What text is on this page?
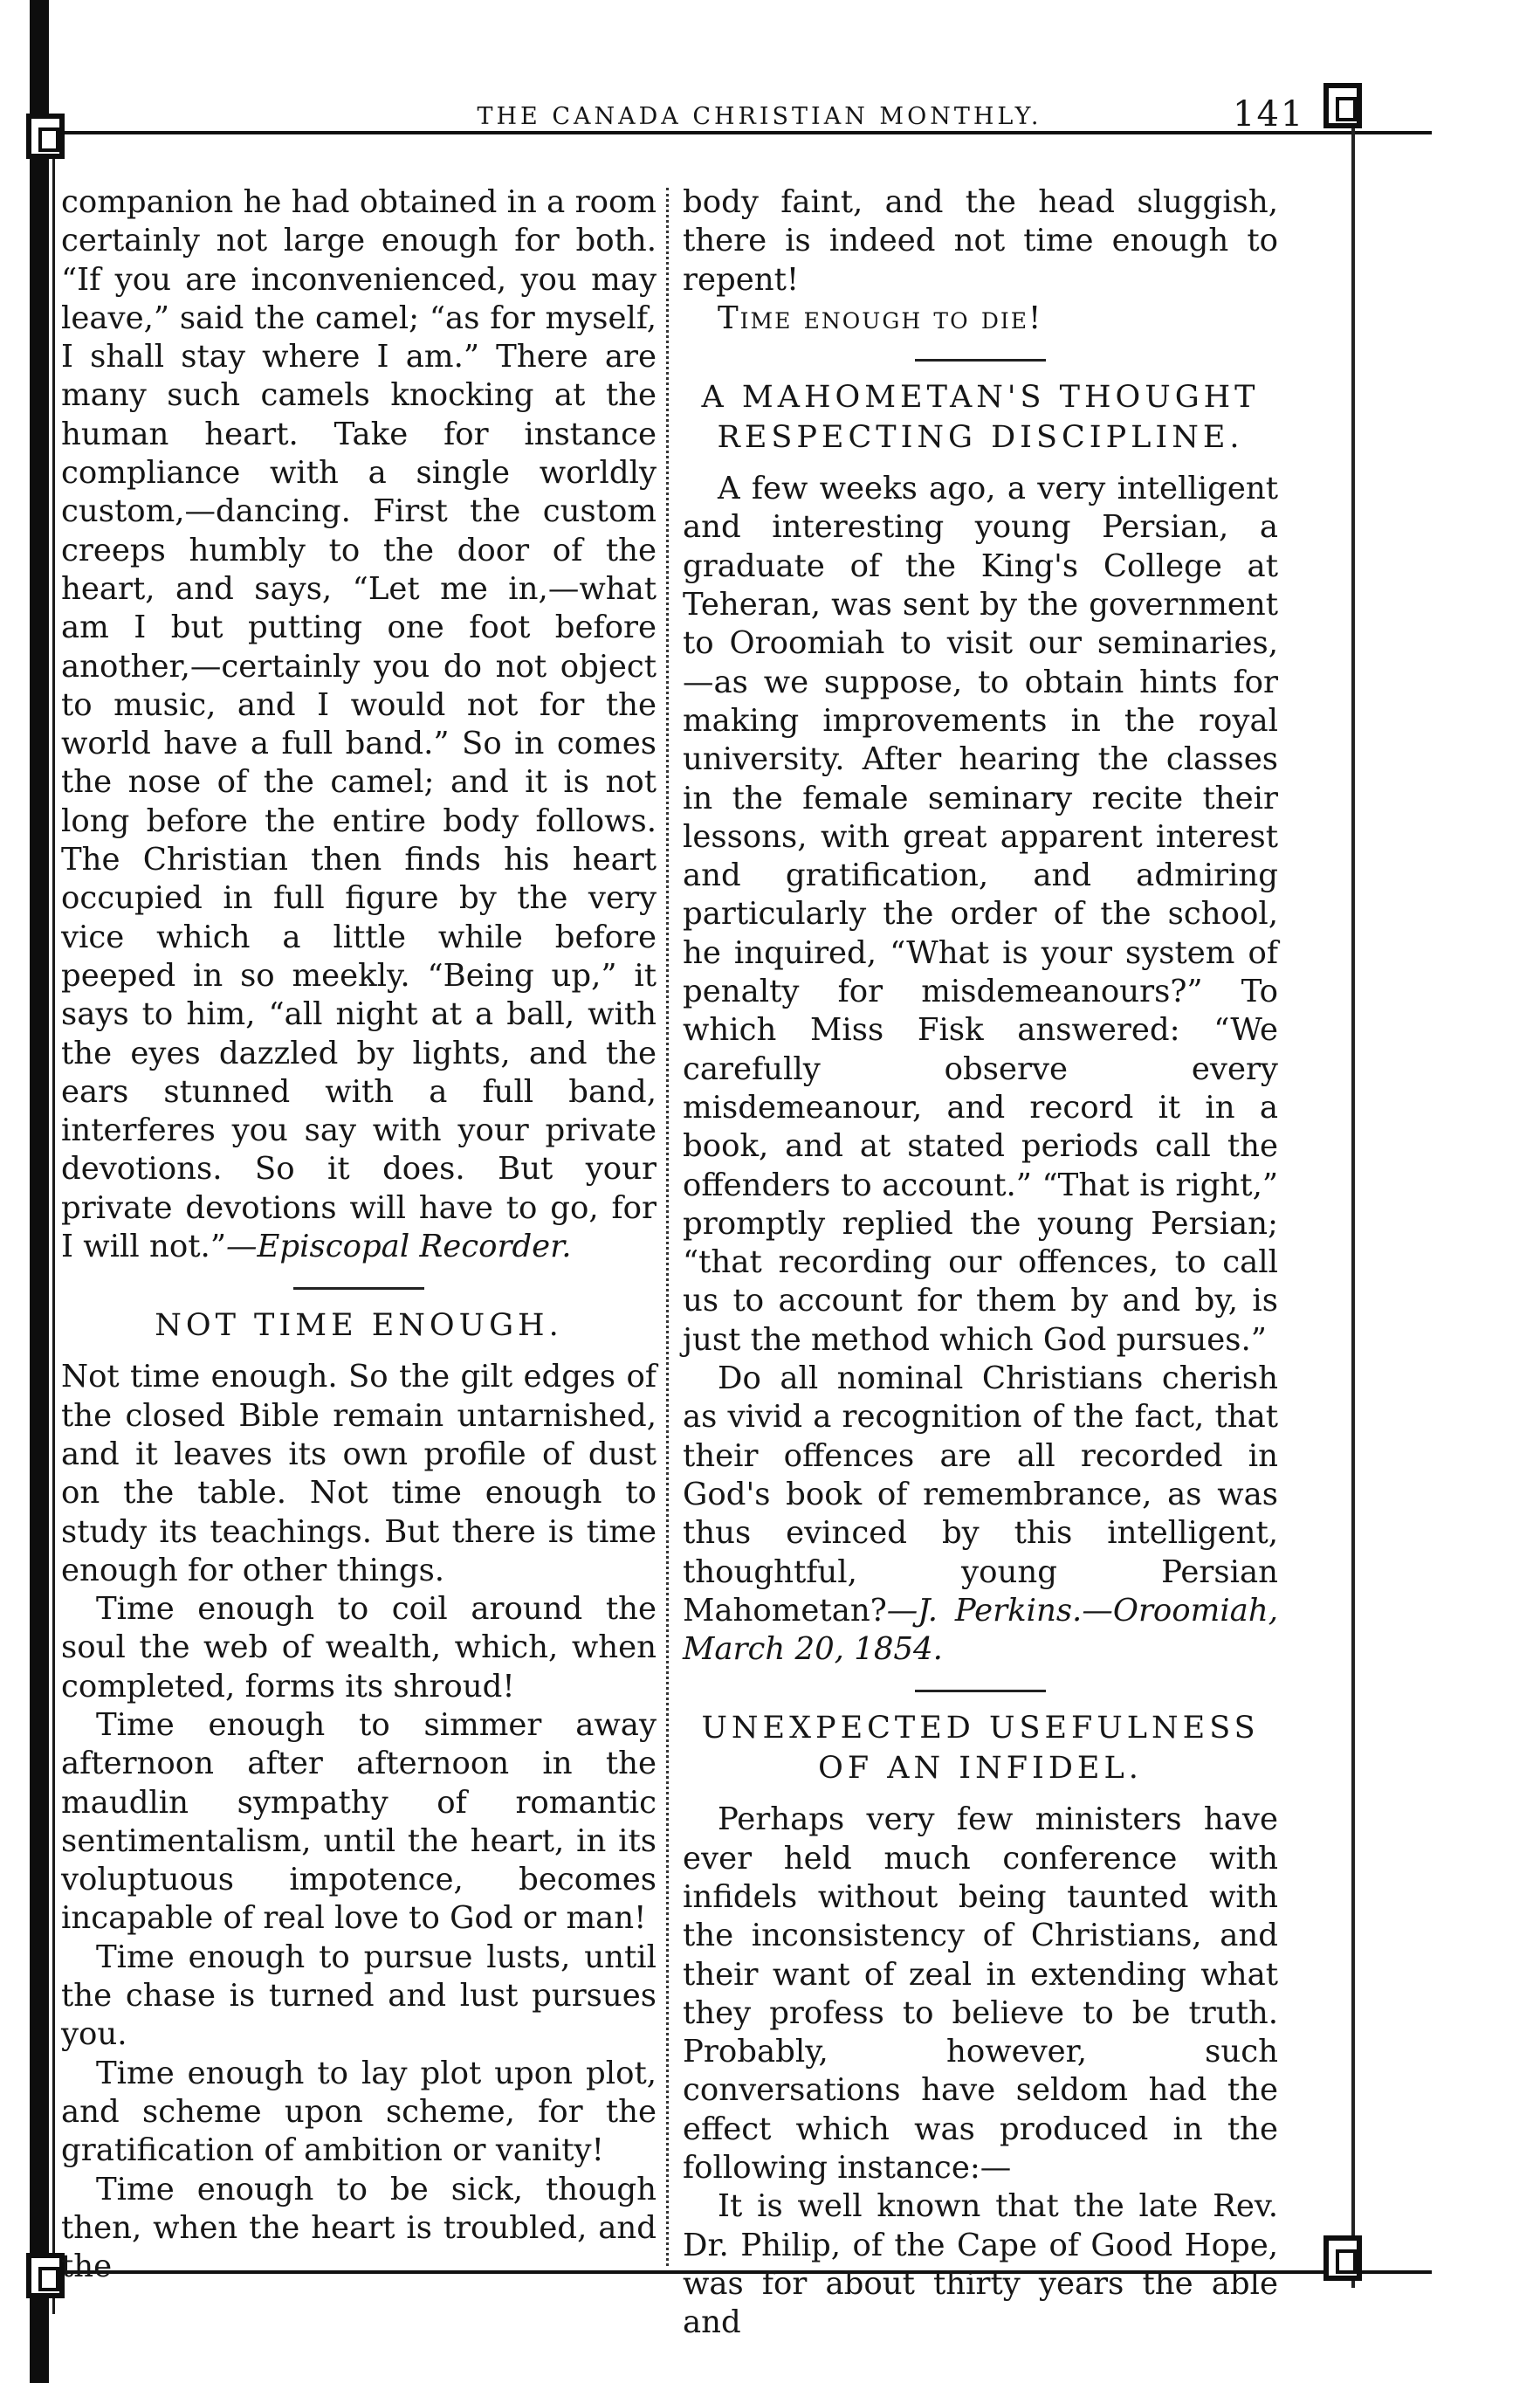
THE CANADA CHRISTIAN MONTHLY.	141

companion he had obtained in a room certainly not large enough for both. “If you are inconvenienced, you may leave,” said the camel; “as for myself, I shall stay where I am.” There are many such camels knocking at the human heart. Take for instance compliance with a single worldly custom,—dancing. First the custom creeps humbly to the door of the heart, and says, “Let me in,—what am I but putting one foot before another,—certainly you do not object to music, and I would not for the world have a full band.” So in comes the nose of the camel; and it is not long before the entire body follows. The Christian then finds his heart occupied in full figure by the very vice which a little while before peeped in so meekly. “Being up,” it says to him, “all night at a ball, with the eyes dazzled by lights, and the ears stunned with a full band, interferes you say with your private devotions. So it does. But your private devotions will have to go, for I will not.”—Episcopal Recorder.

NOT TIME ENOUGH.

Not time enough. So the gilt edges of the closed Bible remain untarnished, and it leaves its own profile of dust on the table. Not time enough to study its teachings. But there is time enough for other things.

Time enough to coil around the soul the web of wealth, which, when completed, forms its shroud!

Time enough to simmer away afternoon after afternoon in the maudlin sympathy of romantic sentimentalism, until the heart, in its voluptuous impotence, becomes incapable of real love to God or man!

Time enough to pursue lusts, until the chase is turned and lust pursues you.

Time enough to lay plot upon plot, and scheme upon scheme, for the gratification of ambition or vanity!

Time enough to be sick, though then, when the heart is troubled, and the

body faint, and the head sluggish, there is indeed not time enough to repent!

Time enough to die!

A MAHOMETAN'S THOUGHT RESPECTING DISCIPLINE.

A few weeks ago, a very intelligent and interesting young Persian, a graduate of the King's College at Teheran, was sent by the government to Oroomiah to visit our seminaries,—as we suppose, to obtain hints for making improvements in the royal university. After hearing the classes in the female seminary recite their lessons, with great apparent interest and gratification, and admiring particularly the order of the school, he inquired, “What is your system of penalty for misdemeanours?” To which Miss Fisk answered: “We carefully observe every misdemeanour, and record it in a book, and at stated periods call the offenders to account.” “That is right,” promptly replied the young Persian; “that recording our offences, to call us to account for them by and by, is just the method which God pursues.”

Do all nominal Christians cherish as vivid a recognition of the fact, that their offences are all recorded in God's book of remembrance, as was thus evinced by this intelligent, thoughtful, young Persian Mahometan?—J. Perkins.—Oroomiah, March 20, 1854.

UNEXPECTED USEFULNESS OF AN INFIDEL.

Perhaps very few ministers have ever held much conference with infidels without being taunted with the inconsistency of Christians, and their want of zeal in extending what they profess to believe to be truth. Probably, however, such conversations have seldom had the effect which was produced in the following instance:—

It is well known that the late Rev. Dr. Philip, of the Cape of Good Hope, was for about thirty years the able and
